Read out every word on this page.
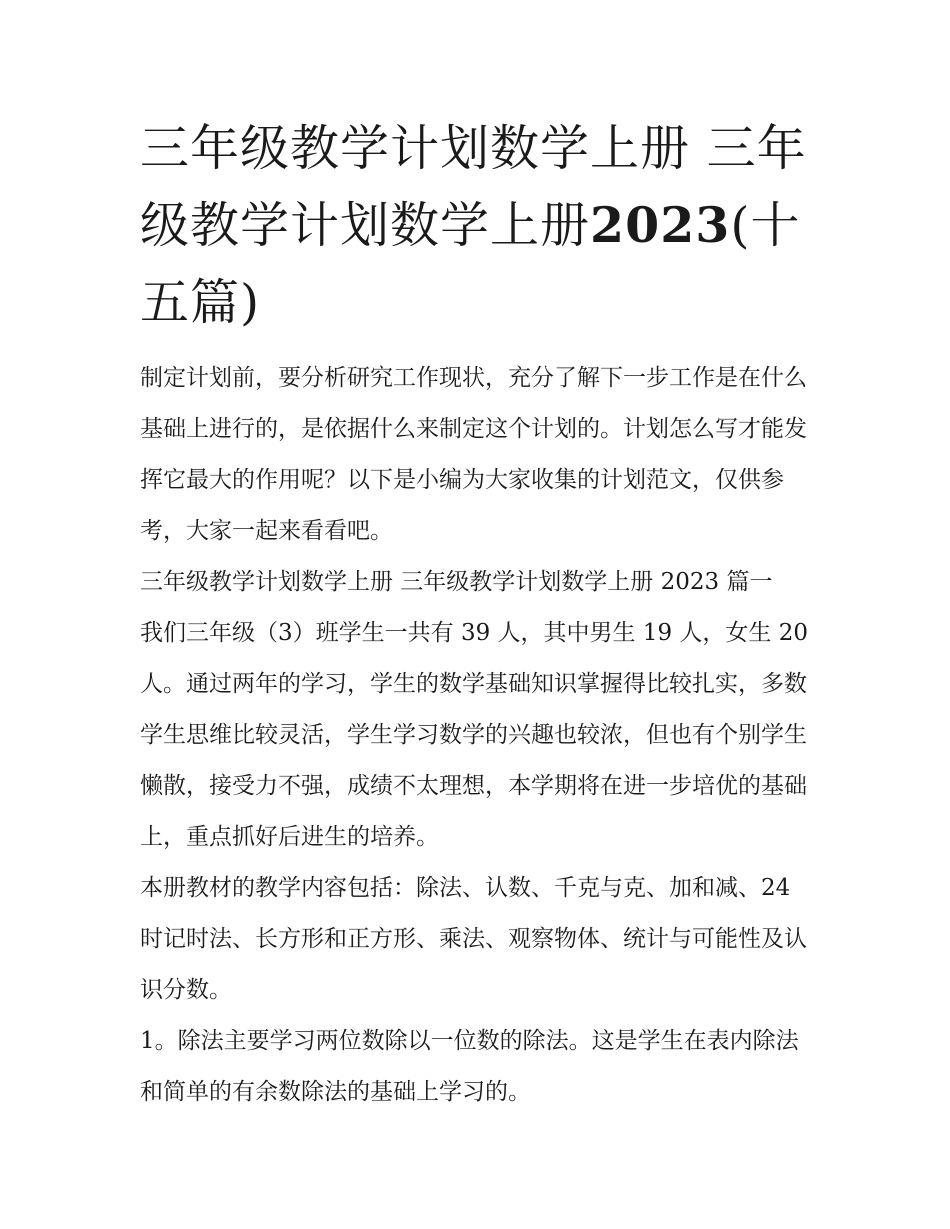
三年级教学计划数学上册 三年级教学计划数学上册2023(十五篇)

制定计划前，要分析研究工作现状，充分了解下一步工作是在什么基础上进行的，是依据什么来制定这个计划的。计划怎么写才能发挥它最大的作用呢？以下是小编为大家收集的计划范文，仅供参考，大家一起来看看吧。

三年级教学计划数学上册 三年级教学计划数学上册 2023 篇一

我们三年级（3）班学生一共有 39 人，其中男生 19 人，女生 20 人。通过两年的学习，学生的数学基础知识掌握得比较扎实，多数学生思维比较灵活，学生学习数学的兴趣也较浓，但也有个别学生懒散，接受力不强，成绩不太理想，本学期将在进一步培优的基础上，重点抓好后进生的培养。

本册教材的教学内容包括：除法、认数、千克与克、加和减、24 时记时法、长方形和正方形、乘法、观察物体、统计与可能性及认识分数。

1。除法主要学习两位数除以一位数的除法。这是学生在表内除法和简单的有余数除法的基础上学习的。
